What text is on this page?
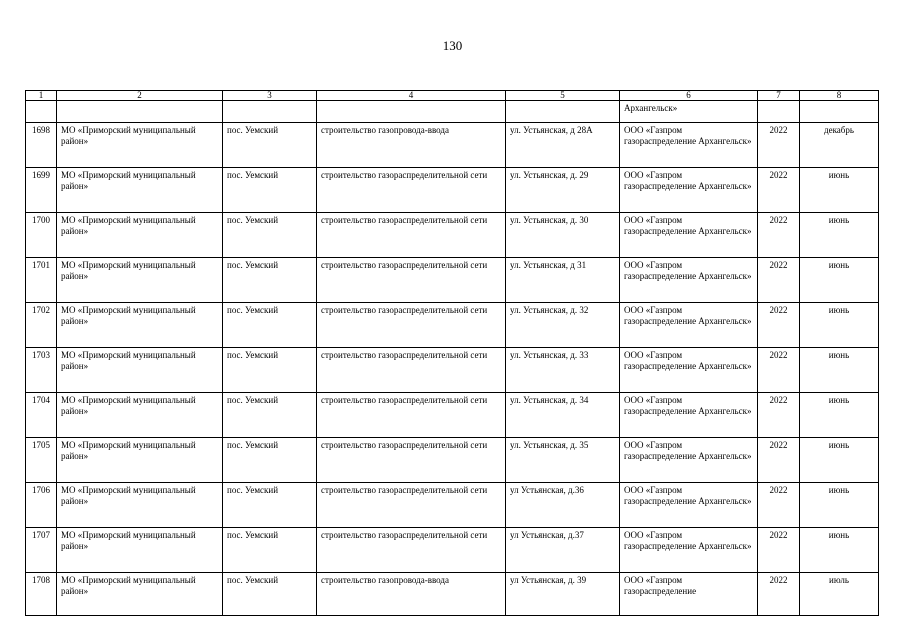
130
1	2	3	4	5	6	7	8
					Архангельск»		
1698	МО «Приморский муниципальный район»	пос. Уемский	строительство газопровода-ввода	ул. Устьянская, д 28А	ООО «Газпром газораспределение Архангельск»	2022	декабрь
1699	МО «Приморский муниципальный район»	пос. Уемский	строительство газораспределительной сети	ул. Устьянская, д. 29	ООО «Газпром газораспределение Архангельск»	2022	июнь
1700	МО «Приморский муниципальный район»	пос. Уемский	строительство газораспределительной сети	ул. Устьянская, д. 30	ООО «Газпром газораспределение Архангельск»	2022	июнь
1701	МО «Приморский муниципальный район»	пос. Уемский	строительство газораспределительной сети	ул. Устьянская, д 31	ООО «Газпром газораспределение Архангельск»	2022	июнь
1702	МО «Приморский муниципальный район»	пос. Уемский	строительство газораспределительной сети	ул. Устьянская, д. 32	ООО «Газпром газораспределение Архангельск»	2022	июнь
1703	МО «Приморский муниципальный район»	пос. Уемский	строительство газораспределительной сети	ул. Устьянская, д. 33	ООО «Газпром газораспределение Архангельск»	2022	июнь
1704	МО «Приморский муниципальный район»	пос. Уемский	строительство газораспределительной сети	ул. Устьянская, д. 34	ООО «Газпром газораспределение Архангельск»	2022	июнь
1705	МО «Приморский муниципальный район»	пос. Уемский	строительство газораспределительной сети	ул. Устьянская, д. 35	ООО «Газпром газораспределение Архангельск»	2022	июнь
1706	МО «Приморский муниципальный район»	пос. Уемский	строительство газораспределительной сети	ул Устьянская, д.36	ООО «Газпром газораспределение Архангельск»	2022	июнь
1707	МО «Приморский муниципальный район»	пос. Уемский	строительство газораспределительной сети	ул Устьянская, д.37	ООО «Газпром газораспределение Архангельск»	2022	июнь
1708	МО «Приморский муниципальный район»	пос. Уемский	строительство газопровода-ввода	ул Устьянская, д. 39	ООО «Газпром газораспределение	2022	июль
